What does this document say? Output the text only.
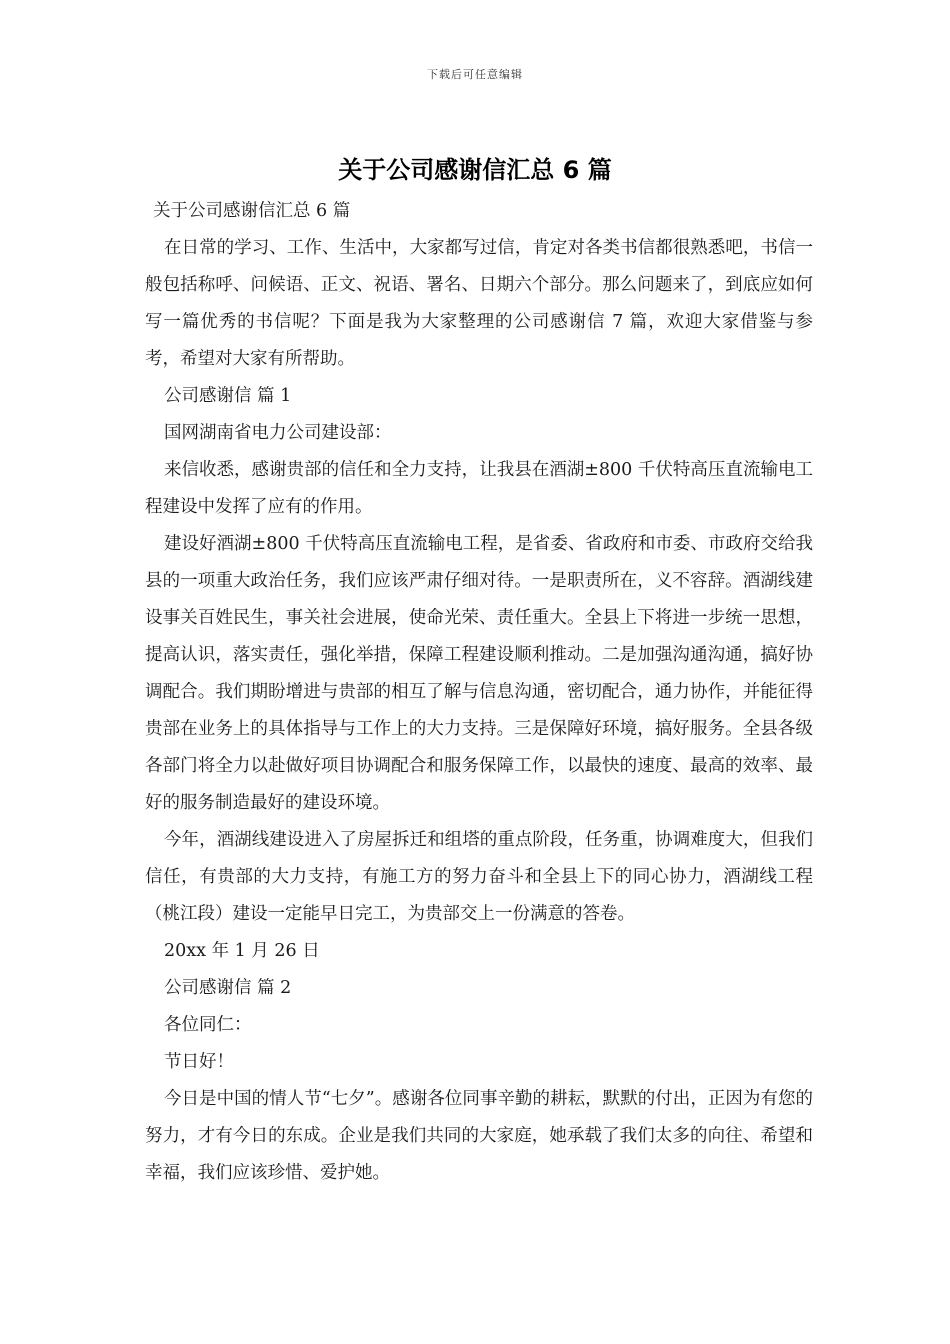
下载后可任意编辑
关于公司感谢信汇总 6 篇

关于公司感谢信汇总 6 篇

在日常的学习、工作、生活中，大家都写过信，肯定对各类书信都很熟悉吧，书信一般包括称呼、问候语、正文、祝语、署名、日期六个部分。那么问题来了，到底应如何写一篇优秀的书信呢？下面是我为大家整理的公司感谢信 7 篇，欢迎大家借鉴与参考，希望对大家有所帮助。

公司感谢信 篇 1

国网湖南省电力公司建设部：

来信收悉，感谢贵部的信任和全力支持，让我县在酒湖±800 千伏特高压直流输电工程建设中发挥了应有的作用。

建设好酒湖±800 千伏特高压直流输电工程，是省委、省政府和市委、市政府交给我县的一项重大政治任务，我们应该严肃仔细对待。一是职责所在，义不容辞。酒湖线建设事关百姓民生，事关社会进展，使命光荣、责任重大。全县上下将进一步统一思想，提高认识，落实责任，强化举措，保障工程建设顺利推动。二是加强沟通沟通，搞好协调配合。我们期盼增进与贵部的相互了解与信息沟通，密切配合，通力协作，并能征得贵部在业务上的具体指导与工作上的大力支持。三是保障好环境，搞好服务。全县各级各部门将全力以赴做好项目协调配合和服务保障工作，以最快的速度、最高的效率、最好的服务制造最好的建设环境。

今年，酒湖线建设进入了房屋拆迁和组塔的重点阶段，任务重，协调难度大，但我们信任，有贵部的大力支持，有施工方的努力奋斗和全县上下的同心协力，酒湖线工程（桃江段）建设一定能早日完工，为贵部交上一份满意的答卷。

20xx 年 1 月 26 日

公司感谢信 篇 2

各位同仁：

节日好！

今日是中国的情人节“七夕”。感谢各位同事辛勤的耕耘，默默的付出，正因为有您的努力，才有今日的东成。企业是我们共同的大家庭，她承载了我们太多的向往、希望和幸福，我们应该珍惜、爱护她。
